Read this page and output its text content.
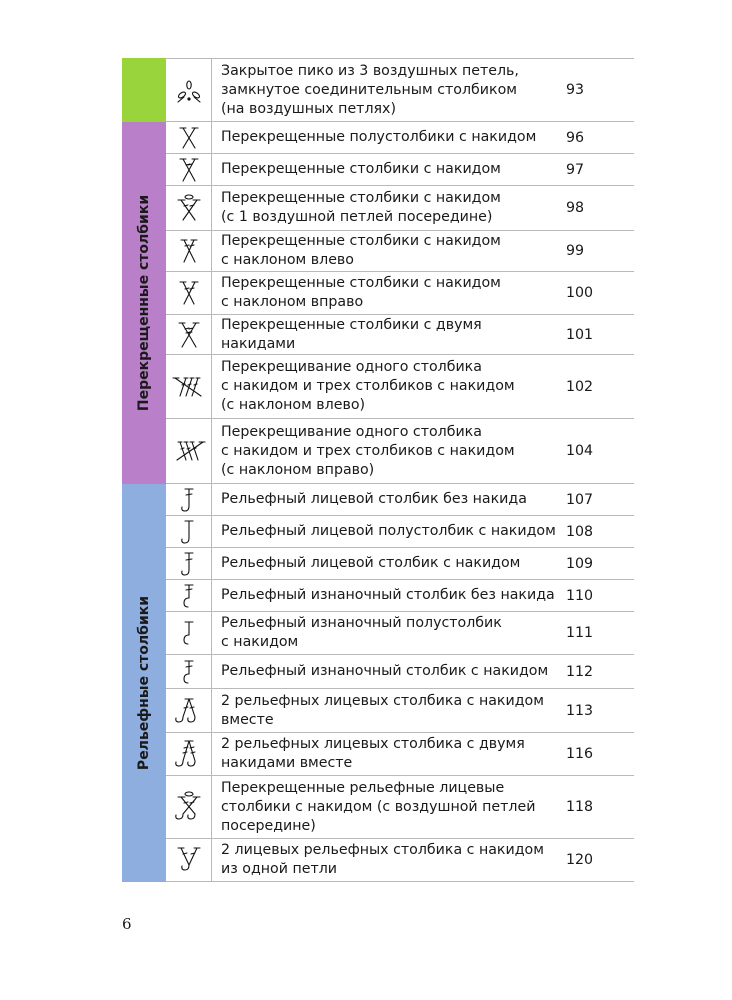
Перекрещенные столбики
Рельефные столбики
Закрытое пико из 3 воздушных петель,
замкнутое соединительным столбиком
(на воздушных петлях)
93
Перекрещенные полустолбики с накидом	96
Перекрещенные столбики с накидом	97
Перекрещенные столбики с накидом
(с 1 воздушной петлей посередине)
98
Перекрещенные столбики с накидом
с наклоном влево
99
Перекрещенные столбики с накидом
с наклоном вправо
100
Перекрещенные столбики с двумя накидами
101
Перекрещивание одного столбика
с накидом и трех столбиков с накидом
(с наклоном влево)
102
Перекрещивание одного столбика
с накидом и трех столбиков с накидом
(с наклоном вправо)
104
Рельефный лицевой столбик без накида	107
Рельефный лицевой полустолбик с накидом 108
Рельефный лицевой столбик с накидом	109
Рельефный изнаночный столбик без накида 110
Рельефный изнаночный полустолбик
с накидом
111
Рельефный изнаночный столбик с накидом	112
2 рельефных лицевых столбика с накидом
вместе
113
2 рельефных лицевых столбика с двумя
накидами вместе
116
Перекрещенные рельефные лицевые
столбики с накидом (с воздушной петлей
посередине)
118
2 лицевых рельефных столбика с накидом
из одной петли
120
6
